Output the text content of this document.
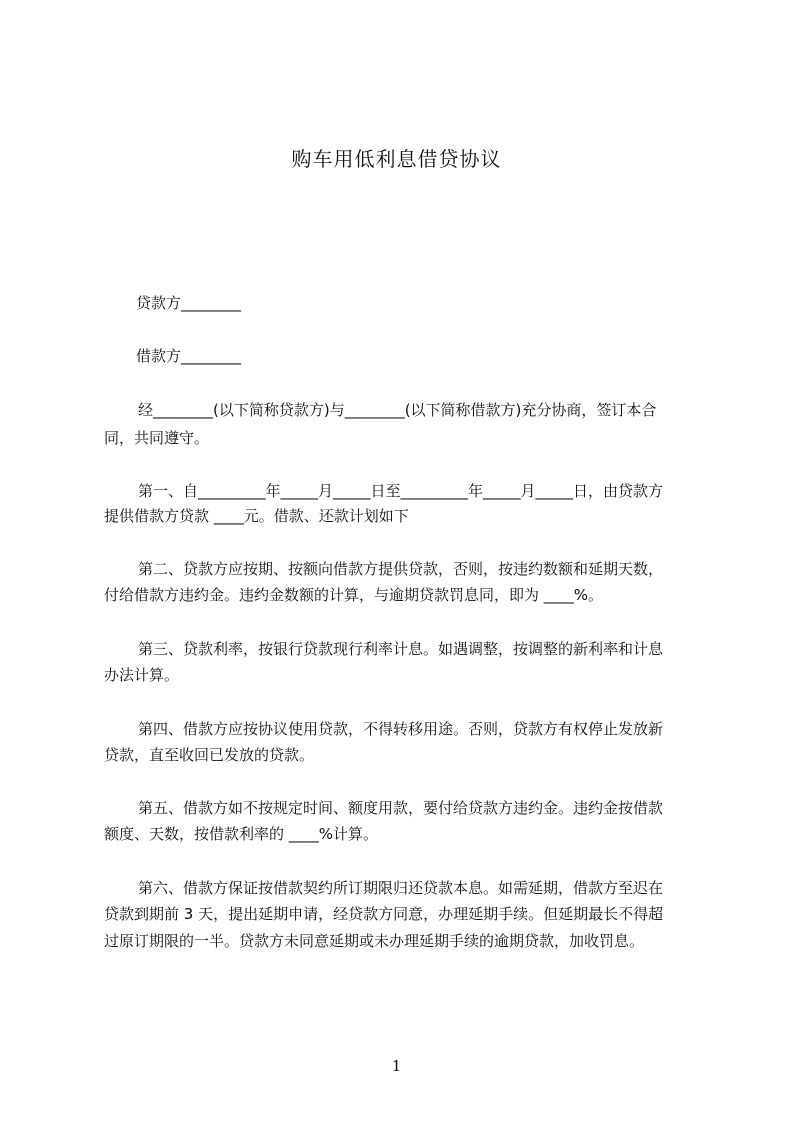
购车用低利息借贷协议
贷款方________
借款方________
经________(以下简称贷款方)与________(以下简称借款方)充分协商，签订本合
同，共同遵守。
第一、自_________年_____月_____日至_________年_____月_____日，由贷款方
提供借款方贷款 ____元。借款、还款计划如下
第二、贷款方应按期、按额向借款方提供贷款，否则，按违约数额和延期天数，
付给借款方违约金。违约金数额的计算，与逾期贷款罚息同，即为 ____%。
第三、贷款利率，按银行贷款现行利率计息。如遇调整，按调整的新利率和计息
办法计算。
第四、借款方应按协议使用贷款，不得转移用途。否则，贷款方有权停止发放新
贷款，直至收回已发放的贷款。
第五、借款方如不按规定时间、额度用款，要付给贷款方违约金。违约金按借款
额度、天数，按借款利率的 ____%计算。
第六、借款方保证按借款契约所订期限归还贷款本息。如需延期，借款方至迟在
贷款到期前 3 天，提出延期申请，经贷款方同意，办理延期手续。但延期最长不得超
过原订期限的一半。贷款方未同意延期或未办理延期手续的逾期贷款，加收罚息。
1
